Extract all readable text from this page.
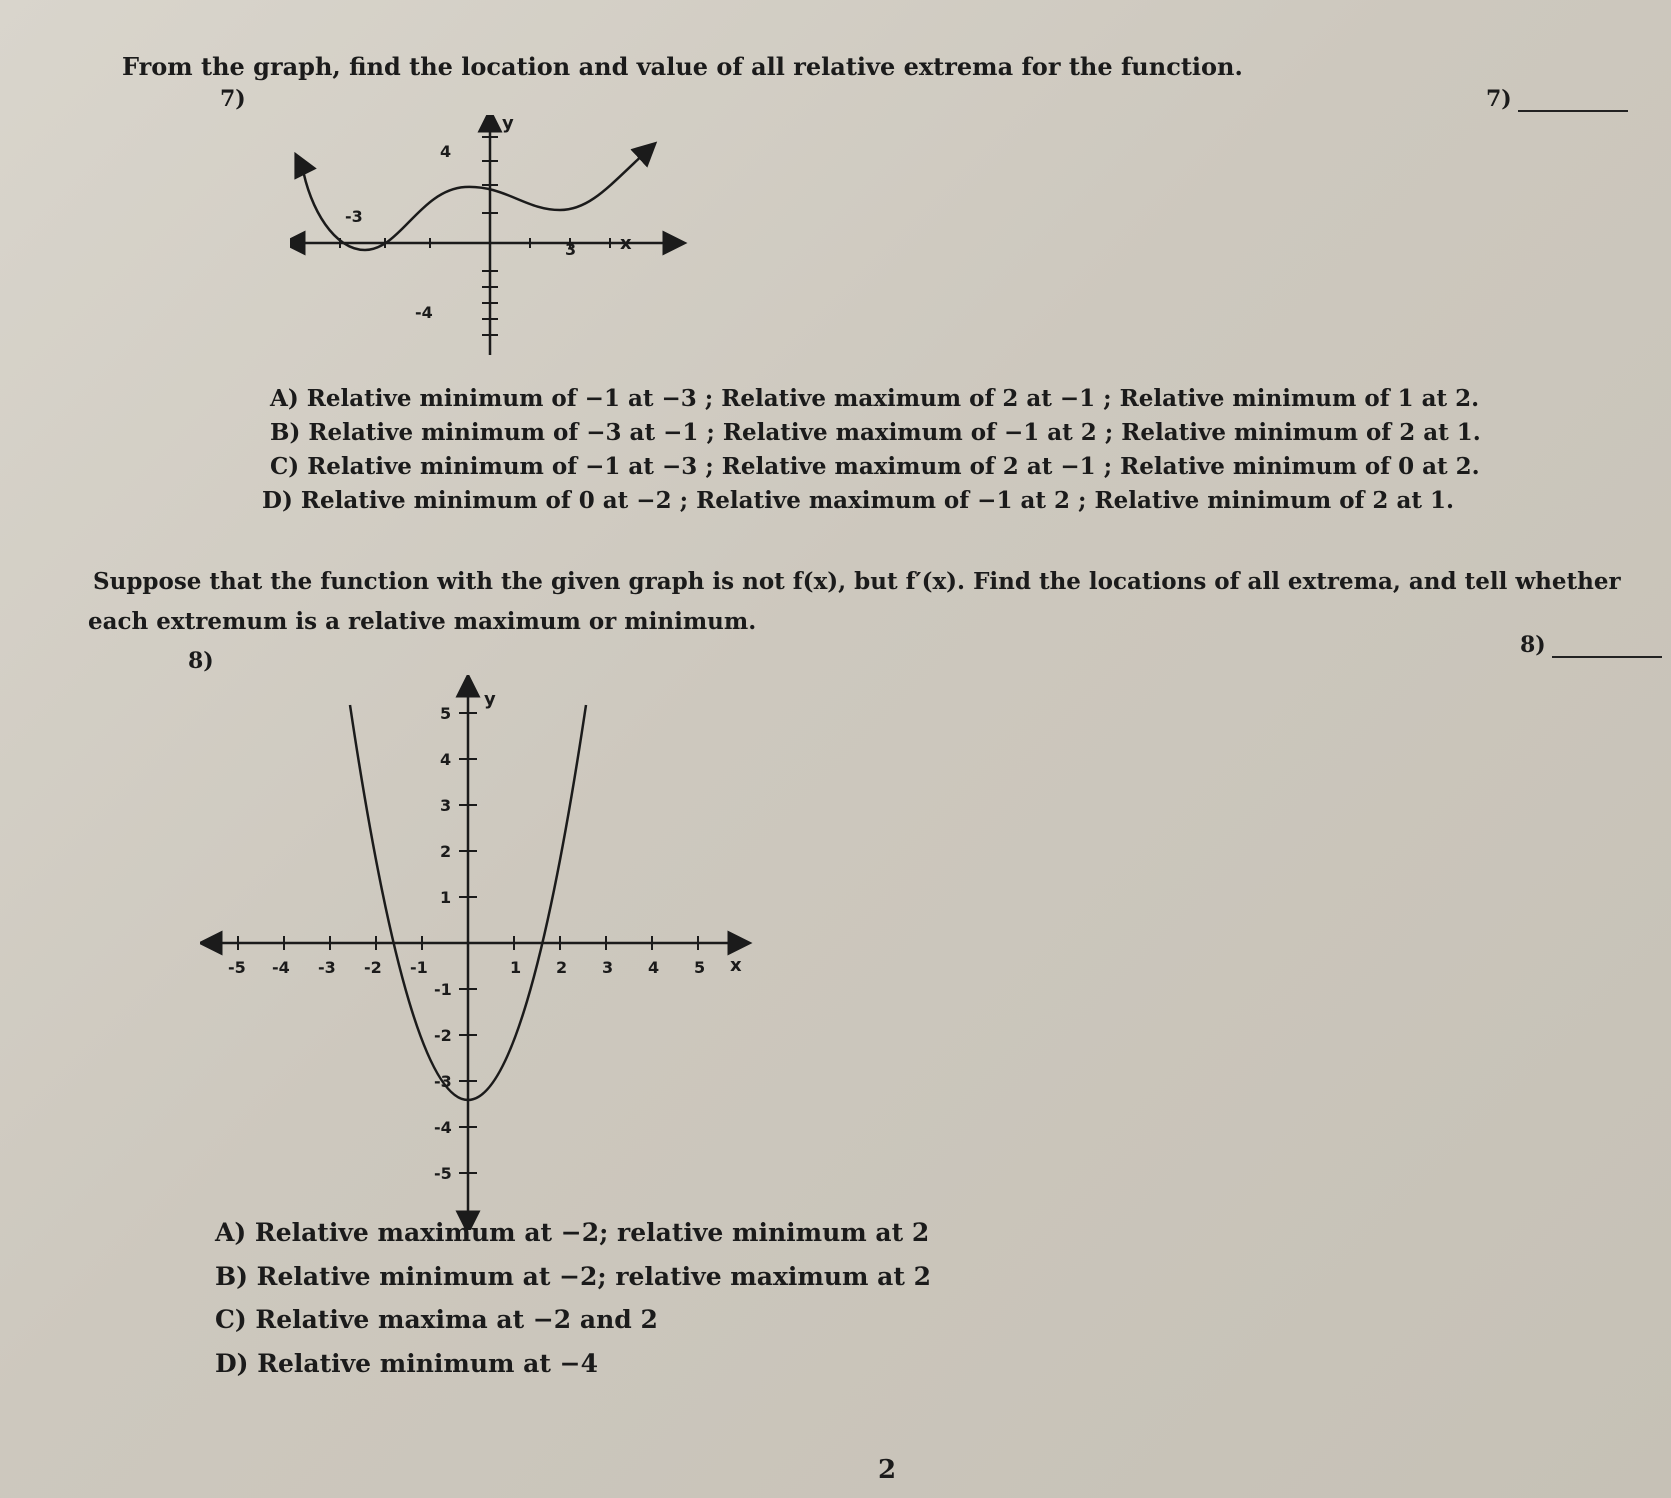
From the graph, find the location and value of all relative extrema for the function.
7)	7)
y
x
4
-3
3
-4
A) Relative minimum of −1 at −3 ; Relative maximum of 2 at −1 ; Relative minimum of 1 at 2.
B) Relative minimum of −3 at −1 ; Relative maximum of −1 at 2 ; Relative minimum of 2 at 1.
C) Relative minimum of −1 at −3 ; Relative maximum of 2 at −1 ; Relative minimum of 0 at 2.
D) Relative minimum of 0 at −2 ; Relative maximum of −1 at 2 ; Relative minimum of 2 at 1.
Suppose that the function with the given graph is not f(x), but f′(x). Find the locations of all extrema, and tell whether
each extremum is a relative maximum or minimum.
8)
8)
y
x
-5 -4 -3 -2 -1	1 2 3 4 5
5
4
3
2
1
-1
-2
-3
-4
-5
A) Relative maximum at −2; relative minimum at 2
B) Relative minimum at −2; relative maximum at 2
C) Relative maxima at −2 and 2
D) Relative minimum at −4
2
